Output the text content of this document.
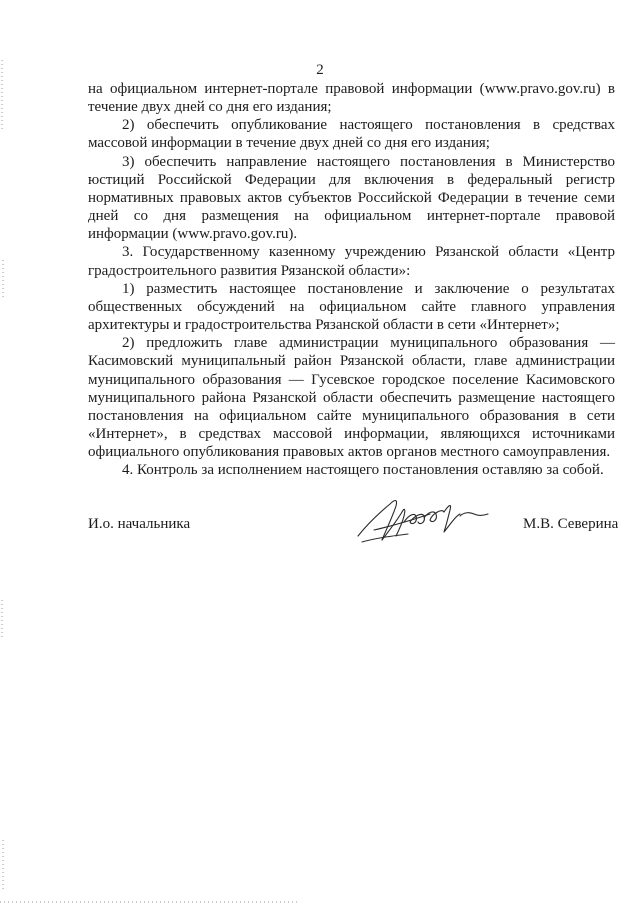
2

на официальном интернет-портале правовой информации (www.pravo.gov.ru) в течение двух дней со дня его издания;

2) обеспечить опубликование настоящего постановления в средствах массовой информации в течение двух дней со дня его издания;

3) обеспечить направление настоящего постановления в Министерство юстиций Российской Федерации для включения в федеральный регистр нормативных правовых актов субъектов Российской Федерации в течение семи дней со дня размещения на официальном интернет-портале правовой информации (www.pravo.gov.ru).

3. Государственному казенному учреждению Рязанской области «Центр градостроительного развития Рязанской области»:

1) разместить настоящее постановление и заключение о результатах общественных обсуждений на официальном сайте главного управления архитектуры и градостроительства Рязанской области в сети «Интернет»;

2) предложить главе администрации муниципального образования — Касимовский муниципальный район Рязанской области, главе администрации муниципального образования — Гусевское городское поселение Касимовского муниципального района Рязанской области обеспечить размещение настоящего постановления на официальном сайте муниципального образования в сети «Интернет», в средствах массовой информации, являющихся источниками официального опубликования правовых актов органов местного самоуправления.

4. Контроль за исполнением настоящего постановления оставляю за собой.

И.о. начальника	М.В. Северина
